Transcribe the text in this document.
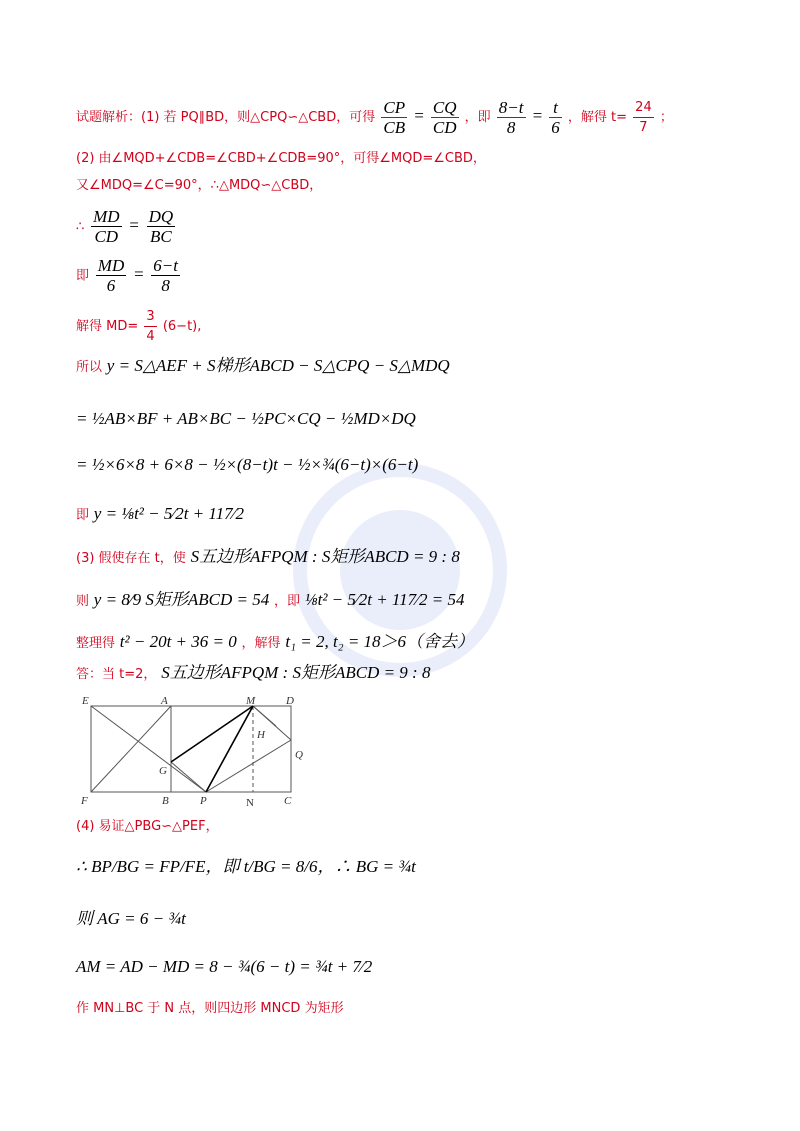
试题解析：(1) 若 PQ∥BD，则△CPQ∽△CBD，可得 $\frac{CP}{CB} = \frac{CQ}{CD}$ ，即 $\frac{8-t}{8} = \frac{t}{6}$ ，解得 $t= \frac{24}{7}$ ；
(2) 由∠MQD+∠CDB=∠CBD+∠CDB=90°，可得∠MQD=∠CBD，
又∠MDQ=∠C=90°，∴△MDQ∽△CBD，
∴ $\frac{MD}{CD} = \frac{DQ}{BC}$
即 $\frac{MD}{6} = \frac{6-t}{8}$
解得 $MD= \frac{3}{4} (6-t)$,
所以 y = S△AEF + S梯形ABCD − S△CPQ − S△MDQ
= ½AB×BF + AB×BC − ½PC×CQ − ½MD×DQ
= ½×6×8 + 6×8 − ½×(8−t)t − ½×¾(6−t)×(6−t)
即 y = ⅛t² − 5⁄2t + 117⁄2
(3) 假使存在 t，使 S五边形AFPQM : S矩形ABCD = 9 : 8
则 y = 8⁄9 S矩形ABCD = 54 ，即 ⅛t² − 5⁄2t + 117⁄2 = 54
整理得 t² − 20t + 36 = 0 ，解得 t₁ = 2, t₂ = 18＞6（舍去）
答：当 t=2， S五边形AFPQM : S矩形ABCD = 9 : 8
E	A	M	D
H
G
Q
F	B	P	N	C
(4) 易证△PBG∽△PEF，
∴ BP/BG = FP/FE，即 t/BG = 8/6，∴ BG = ¾t
则 AG = 6 − ¾t
AM = AD − MD = 8 − ¾(6 − t) = ¾t + 7⁄2
作 MN⊥BC 于 N 点，则四边形 MNCD 为矩形
